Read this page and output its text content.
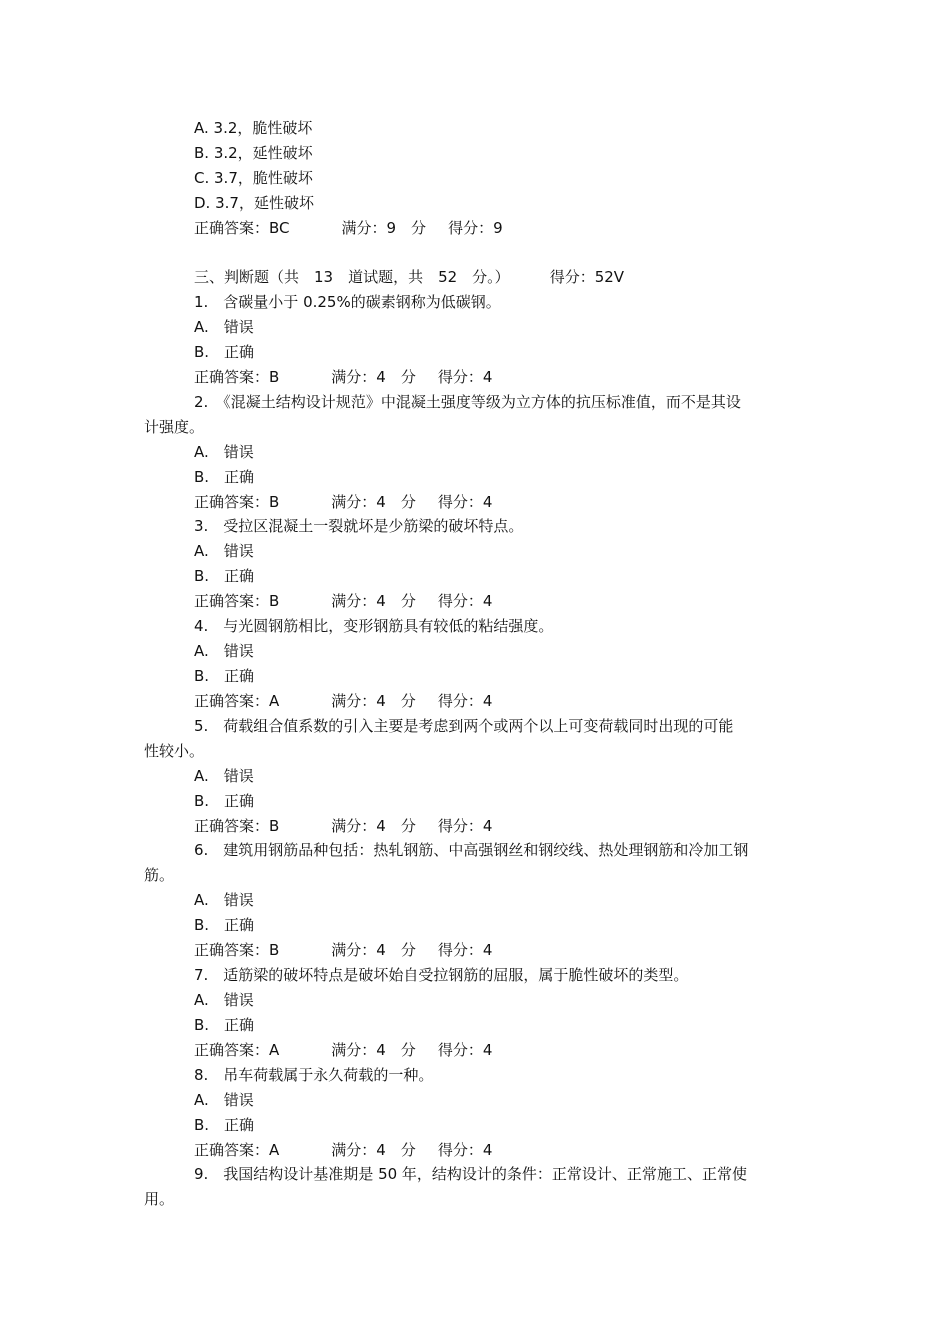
A. 3.2，脆性破坏
B. 3.2，延性破坏
C. 3.7，脆性破坏
D. 3.7，延性破坏
正确答案：BC	满分：9　分 得分：9
三、判断题（共　13　道试题，共　52　分。）	得分：52V
1.　含碳量小于 0.25%的碳素钢称为低碳钢。
A.　错误
B.　正确
正确答案：B	满分：4　分 得分：4
2.　《混凝土结构设计规范》中混凝土强度等级为立方体的抗压标准值，而不是其设
计强度。
A.　错误
B.　正确
正确答案：B	满分：4　分 得分：4
3.　受拉区混凝土一裂就坏是少筋梁的破坏特点。
A.　错误
B.　正确
正确答案：B	满分：4　分 得分：4
4.　与光圆钢筋相比，变形钢筋具有较低的粘结强度。
A.　错误
B.　正确
正确答案：A	满分：4　分 得分：4
5.　荷载组合值系数的引入主要是考虑到两个或两个以上可变荷载同时出现的可能
性较小。
A.　错误
B.　正确
正确答案：B	满分：4　分 得分：4
6.　建筑用钢筋品种包括：热轧钢筋、中高强钢丝和钢绞线、热处理钢筋和冷加工钢
筋。
A.　错误
B.　正确
正确答案：B	满分：4　分 得分：4
7.　适筋梁的破坏特点是破坏始自受拉钢筋的屈服，属于脆性破坏的类型。
A.　错误
B.　正确
正确答案：A	满分：4　分 得分：4
8.　吊车荷载属于永久荷载的一种。
A.　错误
B.　正确
正确答案：A	满分：4　分 得分：4
9.　我国结构设计基准期是 50 年，结构设计的条件：正常设计、正常施工、正常使
用。
